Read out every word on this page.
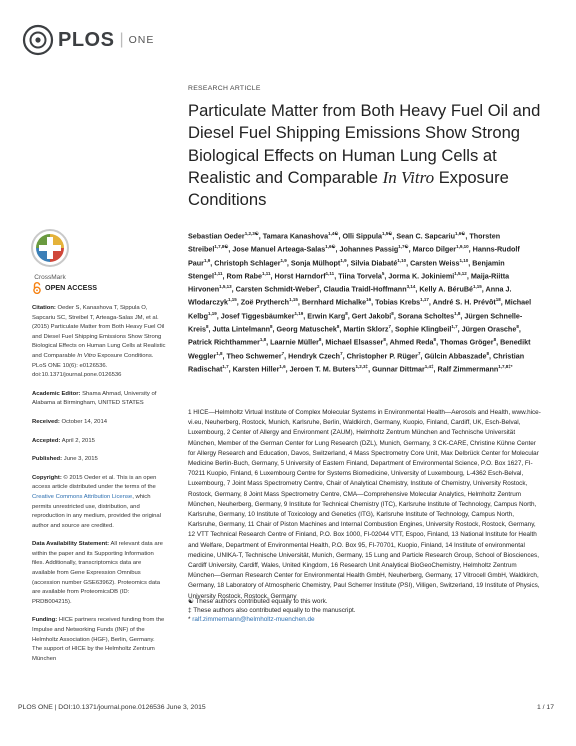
PLOS | ONE
CrossMark
OPEN ACCESS

Citation: Oeder S, Kanashova T, Sippula O, Sapcariu SC, Streibel T, Arteaga-Salas JM, et al. (2015) Particulate Matter from Both Heavy Fuel Oil and Diesel Fuel Shipping Emissions Show Strong Biological Effects on Human Lung Cells at Realistic and Comparable In Vitro Exposure Conditions. PLoS ONE 10(6): e0126536. doi:10.1371/journal.pone.0126536

Academic Editor: Shama Ahmad, University of Alabama at Birmingham, UNITED STATES

Received: October 14, 2014

Accepted: April 2, 2015

Published: June 3, 2015

Copyright: © 2015 Oeder et al. This is an open access article distributed under the terms of the Creative Commons Attribution License, which permits unrestricted use, distribution, and reproduction in any medium, provided the original author and source are credited.

Data Availability Statement: All relevant data are within the paper and its Supporting Information files. Additionally, transcriptomics data are available from Gene Expression Omnibus (accession number GSE63962). Proteomics data are available from ProteomicsDB (ID: PRDB004215).

Funding: HICE partners received funding from the Impulse and Networking Funds (INF) of the Helmholtz Association (HGF), Berlin, Germany. The support of HICE by the Helmholtz Zentrum München

RESEARCH ARTICLE
Particulate Matter from Both Heavy Fuel Oil and Diesel Fuel Shipping Emissions Show Strong Biological Effects on Human Lung Cells at Realistic and Comparable In Vitro Exposure Conditions

Sebastian Oeder$^{1,2,3☯}$, Tamara Kanashova$^{1,4☯}$, Olli Sippula$^{1,5☯}$, Sean C. Sapcariu$^{1,6☯}$, Thorsten Streibel$^{1,7,8☯}$, Jose Manuel Arteaga-Salas$^{1,6☯}$, Johannes Passig$^{1,7☯}$, Marco Dilger$^{1,9,10}$, Hanns-Rudolf Paur$^{1,9}$, Christoph Schlager$^{1,9}$, Sonja Mülhopt$^{1,9}$, Silvia Diabaté$^{1,10}$, Carsten Weiss$^{1,10}$, Benjamin Stengel$^{1,11}$, Rom Rabe$^{1,11}$, Horst Harndorf$^{1,11}$, Tiina Torvela$^5$, Jorma K. Jokiniemi$^{1,5,12}$, Maija-Riitta Hirvonen$^{1,5,13}$, Carsten Schmidt-Weber$^2$, Claudia Traidl-Hoffmann$^{3,14}$, Kelly A. BéruBé$^{1,15}$, Anna J. Wlodarczyk$^{1,15}$, Zoë Prytherch$^{1,15}$, Bernhard Michalke$^{16}$, Tobias Krebs$^{1,17}$, André S. H. Prévôt$^{18}$, Michael Kelbg$^{1,19}$, Josef Tiggesbäumker$^{1,19}$, Erwin Karg$^8$, Gert Jakobi$^8$, Sorana Scholtes$^{1,8}$, Jürgen Schnelle-Kreis$^8$, Jutta Lintelmann$^8$, Georg Matuschek$^8$, Martin Sklorz$^7$, Sophie Klingbeil$^{1,7}$, Jürgen Orasche$^8$, Patrick Richthammer$^{1,8}$, Laarnie Müller$^8$, Michael Elsasser$^8$, Ahmed Reda$^8$, Thomas Gröger$^8$, Benedikt Weggler$^{1,8}$, Theo Schwemer$^7$, Hendryk Czech$^7$, Christopher P. Rüger$^7$, Gülcin Abbaszade$^8$, Christian Radischat$^{1,7}$, Karsten Hiller$^{1,6}$, Jeroen T. M. Buters$^{1,2,3\ddagger}$, Gunnar Dittmar$^{1,4\ddagger}$, Ralf Zimmermann$^{1,7,8\ddagger*}$

1 HICE—Helmholtz Virtual Institute of Complex Molecular Systems in Environmental Health—Aerosols and Health, www.hice-vi.eu, Neuherberg, Rostock, Munich, Karlsruhe, Berlin, Waldkirch, Germany, Kuopio, Finland, Cardiff, UK, Esch-Belval, Luxembourg, 2 Center of Allergy and Environment (ZAUM), Helmholtz Zentrum München and Technische Universität München, Member of the German Center for Lung Research (DZL), Munich, Germany, 3 CK-CARE, Christine Kühne Center for Allergy Research and Education, Davos, Switzerland, 4 Mass Spectrometry Core Unit, Max Delbrück Center for Molecular Medicine Berlin-Buch, Germany, 5 University of Eastern Finland, Department of Environmental Science, P.O. Box 1627, FI-70211 Kuopio, Finland, 6 Luxembourg Centre for Systems Biomedicine, University of Luxembourg, L-4362 Esch-Belval, Luxembourg, 7 Joint Mass Spectrometry Centre, Chair of Analytical Chemistry, Institute of Chemistry, University Rostock, Rostock, Germany, 8 Joint Mass Spectrometry Centre, CMA—Comprehensive Molecular Analytics, Helmholtz Zentrum München, Neuherberg, Germany, 9 Institute for Technical Chemistry (ITC), Karlsruhe Institute of Technology, Campus North, Karlsruhe, Germany, 10 Institute of Toxicology and Genetics (ITG), Karlsruhe Institute of Technology, Campus North, Karlsruhe, Germany, 11 Chair of Piston Machines and Internal Combustion Engines, University Rostock, Rostock, Germany, 12 VTT Technical Research Centre of Finland, P.O. Box 1000, FI-02044 VTT, Espoo, Finland, 13 National Institute for Health and Welfare, Department of Environmental Health, P.O. Box 95, FI-70701, Kuopio, Finland, 14 Institute of environmental medicine, UNIKA-T, Technische Universität, Munich, Germany, 15 Lung and Particle Research Group, School of Biosciences, Cardiff University, Cardiff, Wales, United Kingdom, 16 Research Unit Analytical BioGeoChemistry, Helmholtz Zentrum München—German Research Center for Environmental Health GmbH, Neuherberg, Germany, 17 Vitrocell GmbH, Waldkirch, Germany, 18 Laboratory of Atmospheric Chemistry, Paul Scherrer Institute (PSI), Villigen, Switzerland, 19 Institute of Physics, University Rostock, Rostock, Germany

☯ These authors contributed equally to this work.
‡ These authors also contributed equally to the manuscript.
* ralf.zimmermann@helmholtz-muenchen.de
PLOS ONE | DOI:10.1371/journal.pone.0126536 June 3, 2015	1 / 17
